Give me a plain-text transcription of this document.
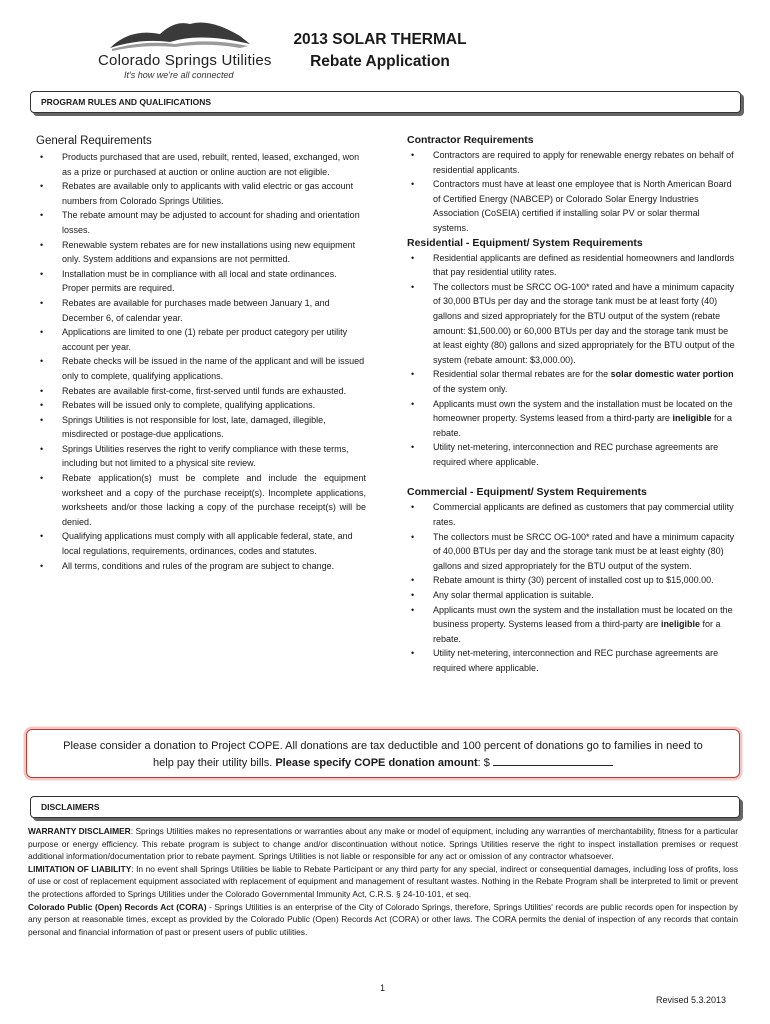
Colorado Springs Utilities
It's how we're all connected
2013 SOLAR THERMAL
Rebate Application
PROGRAM RULES AND QUALIFICATIONS
General Requirements
• Products purchased that are used, rebuilt, rented, leased, exchanged, won as a prize or purchased at auction or online auction are not eligible.
• Rebates are available only to applicants with valid electric or gas account numbers from Colorado Springs Utilities.
• The rebate amount may be adjusted to account for shading and orientation losses.
• Renewable system rebates are for new installations using new equipment only. System additions and expansions are not permitted.
• Installation must be in compliance with all local and state ordinances. Proper permits are required.
• Rebates are available for purchases made between January 1, and December 6, of calendar year.
• Applications are limited to one (1) rebate per product category per utility account per year.
• Rebate checks will be issued in the name of the applicant and will be issued only to complete, qualifying applications.
• Rebates are available first-come, first-served until funds are exhausted.
• Rebates will be issued only to complete, qualifying applications.
• Springs Utilities is not responsible for lost, late, damaged, illegible, misdirected or postage-due applications.
• Springs Utilities reserves the right to verify compliance with these terms, including but not limited to a physical site review.
• Rebate application(s) must be complete and include the equipment worksheet and a copy of the purchase receipt(s). Incomplete applications, worksheets and/or those lacking a copy of the purchase receipt(s) will be denied.
• Qualifying applications must comply with all applicable federal, state, and local regulations, requirements, ordinances, codes and statutes.
• All terms, conditions and rules of the program are subject to change.
Contractor Requirements
• Contractors are required to apply for renewable energy rebates on behalf of residential applicants.
• Contractors must have at least one employee that is North American Board of Certified Energy (NABCEP) or Colorado Solar Energy Industries Association (CoSEIA) certified if installing solar PV or solar thermal systems.
Residential - Equipment/ System Requirements
• Residential applicants are defined as residential homeowners and landlords that pay residential utility rates.
• The collectors must be SRCC OG-100* rated and have a minimum capacity of 30,000 BTUs per day and the storage tank must be at least forty (40) gallons and sized appropriately for the BTU output of the system (rebate amount: $1,500.00) or 60,000 BTUs per day and the storage tank must be at least eighty (80) gallons and sized appropriately for the BTU output of the system (rebate amount: $3,000.00).
• Residential solar thermal rebates are for the solar domestic water portion of the system only.
• Applicants must own the system and the installation must be located on the homeowner property. Systems leased from a third-party are ineligible for a rebate.
• Utility net-metering, interconnection and REC purchase agreements are required where applicable.
Commercial - Equipment/ System Requirements
• Commercial applicants are defined as customers that pay commercial utility rates.
• The collectors must be SRCC OG-100* rated and have a minimum capacity of 40,000 BTUs per day and the storage tank must be at least eighty (80) gallons and sized appropriately for the BTU output of the system.
• Rebate amount is thirty (30) percent of installed cost up to $15,000.00.
• Any solar thermal application is suitable.
• Applicants must own the system and the installation must be located on the business property. Systems leased from a third-party are ineligible for a rebate.
• Utility net-metering, interconnection and REC purchase agreements are required where applicable.
Please consider a donation to Project COPE. All donations are tax deductible and 100 percent of donations go to families in need to
help pay their utility bills. Please specify COPE donation amount: $
DISCLAIMERS

WARRANTY DISCLAIMER: Springs Utilities makes no representations or warranties about any make or model of equipment, including any warranties of merchantability, fitness for a particular purpose or energy efficiency. This rebate program is subject to change and/or discontinuation without notice. Springs Utilities reserve the right to inspect installation premises or request additional information/documentation prior to rebate payment. Springs Utilities is not liable or responsible for any act or omission of any contractor whatsoever.

LIMITATION OF LIABILITY: In no event shall Springs Utilities be liable to Rebate Participant or any third party for any special, indirect or consequential damages, including loss of profits, loss of use or cost of replacement equipment associated with replacement of equipment and management of resultant wastes. Nothing in the Rebate Program shall be interpreted to limit or prevent the protections afforded to Springs Utilities under the Colorado Governmental Immunity Act, C.R.S. § 24-10-101, et seq.

Colorado Public (Open) Records Act (CORA) - Springs Utilities is an enterprise of the City of Colorado Springs, therefore, Springs Utilities' records are public records open for inspection by any person at reasonable times, except as provided by the Colorado Public (Open) Records Act (CORA) or other laws. The CORA permits the denial of inspection of any records that contain personal and financial information of past or present users of public utilities.

1
Revised 5.3.2013
